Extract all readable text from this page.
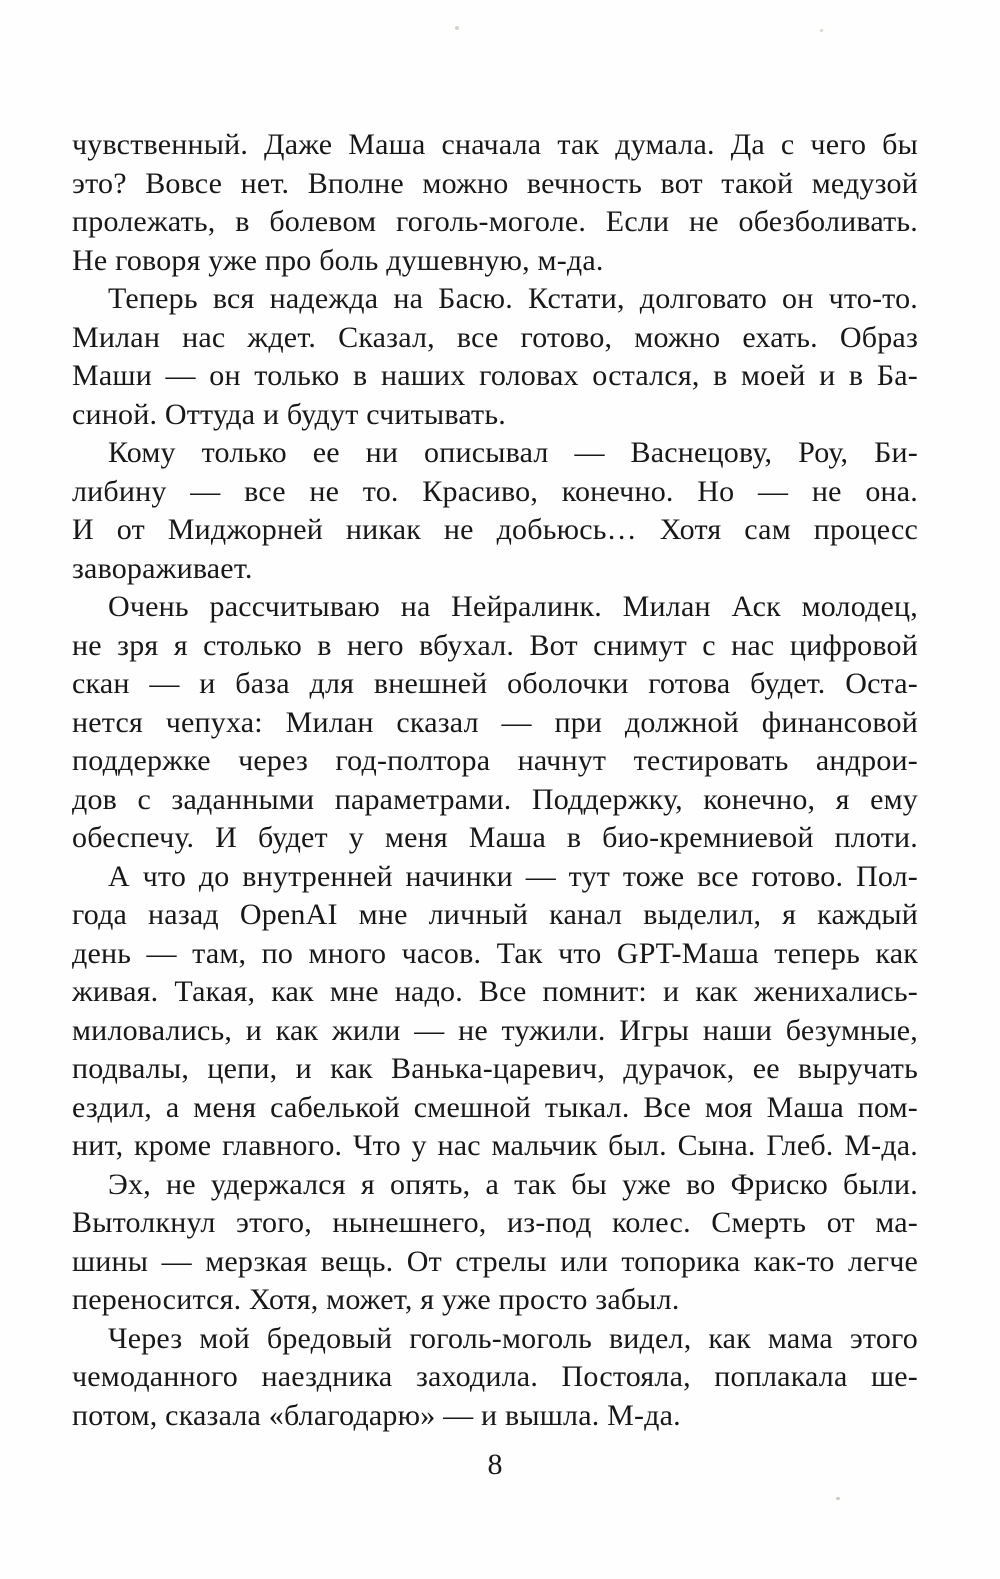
чувственный. Даже Маша сначала так думала. Да с чего бы
это? Вовсе нет. Вполне можно вечность вот такой медузой
пролежать, в болевом гоголь-моголе. Если не обезболивать.
Не говоря уже про боль душевную, м-да.
Теперь вся надежда на Басю. Кстати, долговато он что-то.
Милан нас ждет. Сказал, все готово, можно ехать. Образ
Маши — он только в наших головах остался, в моей и в Ба-
синой. Оттуда и будут считывать.
Кому только ее ни описывал — Васнецову, Роу, Би-
либину — все не то. Красиво, конечно. Но — не она.
И от Миджорней никак не добьюсь… Хотя сам процесс
завораживает.
Очень рассчитываю на Нейралинк. Милан Аск молодец,
не зря я столько в него вбухал. Вот снимут с нас цифровой
скан — и база для внешней оболочки готова будет. Оста-
нется чепуха: Милан сказал — при должной финансовой
поддержке через год-полтора начнут тестировать андрои-
дов с заданными параметрами. Поддержку, конечно, я ему
обеспечу. И будет у меня Маша в био-кремниевой плоти.
А что до внутренней начинки — тут тоже все готово. Пол-
года назад OpenAI мне личный канал выделил, я каждый
день — там, по много часов. Так что GPT-Маша теперь как
живая. Такая, как мне надо. Все помнит: и как женихались-
миловались, и как жили — не тужили. Игры наши безумные,
подвалы, цепи, и как Ванька-царевич, дурачок, ее выручать
ездил, а меня сабелькой смешной тыкал. Все моя Маша пом-
нит, кроме главного. Что у нас мальчик был. Сына. Глеб. М-да.
Эх, не удержался я опять, а так бы уже во Фриско были.
Вытолкнул этого, нынешнего, из-под колес. Смерть от ма-
шины — мерзкая вещь. От стрелы или топорика как-то легче
переносится. Хотя, может, я уже просто забыл.
Через мой бредовый гоголь-моголь видел, как мама этого
чемоданного наездника заходила. Постояла, поплакала ше-
потом, сказала «благодарю» — и вышла. М-да.
8
